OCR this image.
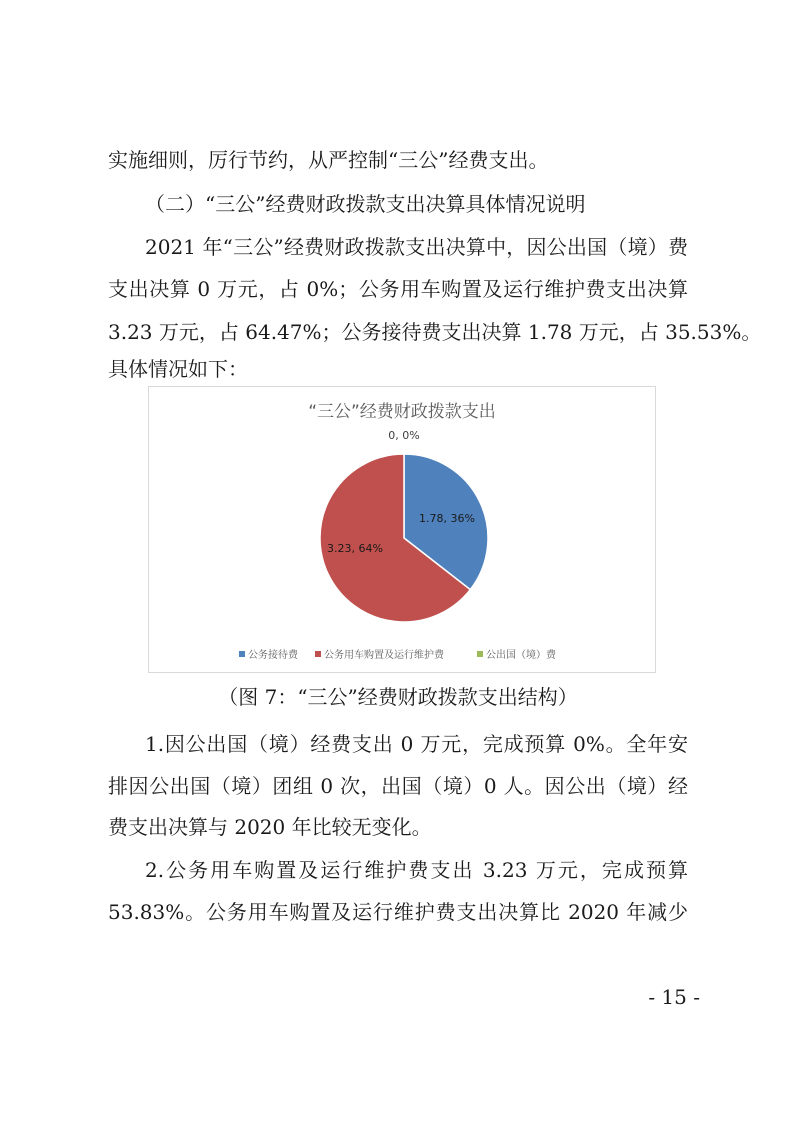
实施细则，厉行节约，从严控制“三公”经费支出。
（二）“三公”经费财政拨款支出决算具体情况说明
2021 年“三公”经费财政拨款支出决算中，因公出国（境）费
支出决算 0 万元，占 0%；公务用车购置及运行维护费支出决算
3.23 万元，占 64.47%；公务接待费支出决算 1.78 万元，占 35.53%。
具体情况如下：
“三公”经费财政拨款支出
1.78, 36%
3.23, 64%
0, 0%
公务接待费	公务用车购置及运行维护费	公出国（境）费
（图 7：“三公”经费财政拨款支出结构）
1.因公出国（境）经费支出 0 万元，完成预算 0%。全年安
排因公出国（境）团组 0 次，出国（境）0 人。因公出（境）经
费支出决算与 2020 年比较无变化。
2.公务用车购置及运行维护费支出 3.23 万元，完成预算
53.83%。公务用车购置及运行维护费支出决算比 2020 年减少
- 15 -
